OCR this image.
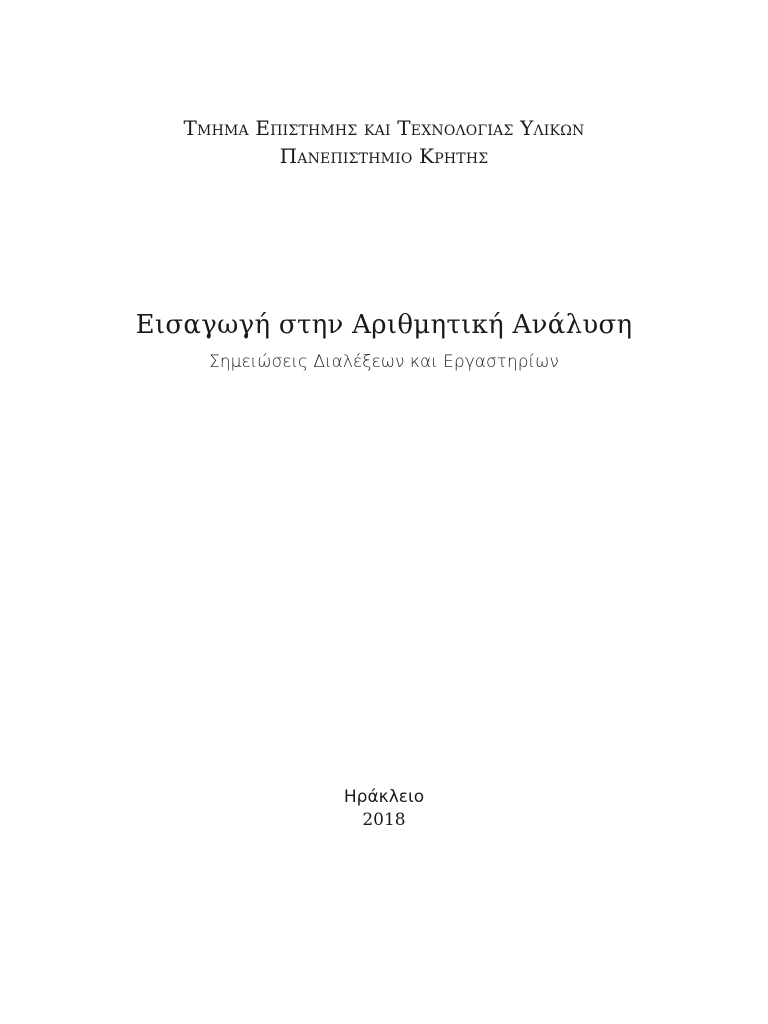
Τμημα Επιστημησ και Τεχνολογιασ Υλικων
Πανεπιστημιο Κρητησ
Εισαγωγή στην Αριθμητική Ανάλυση
Σημειώσεις Διαλέξεων και Εργαστηρίων
Ηράκλειο
2018
